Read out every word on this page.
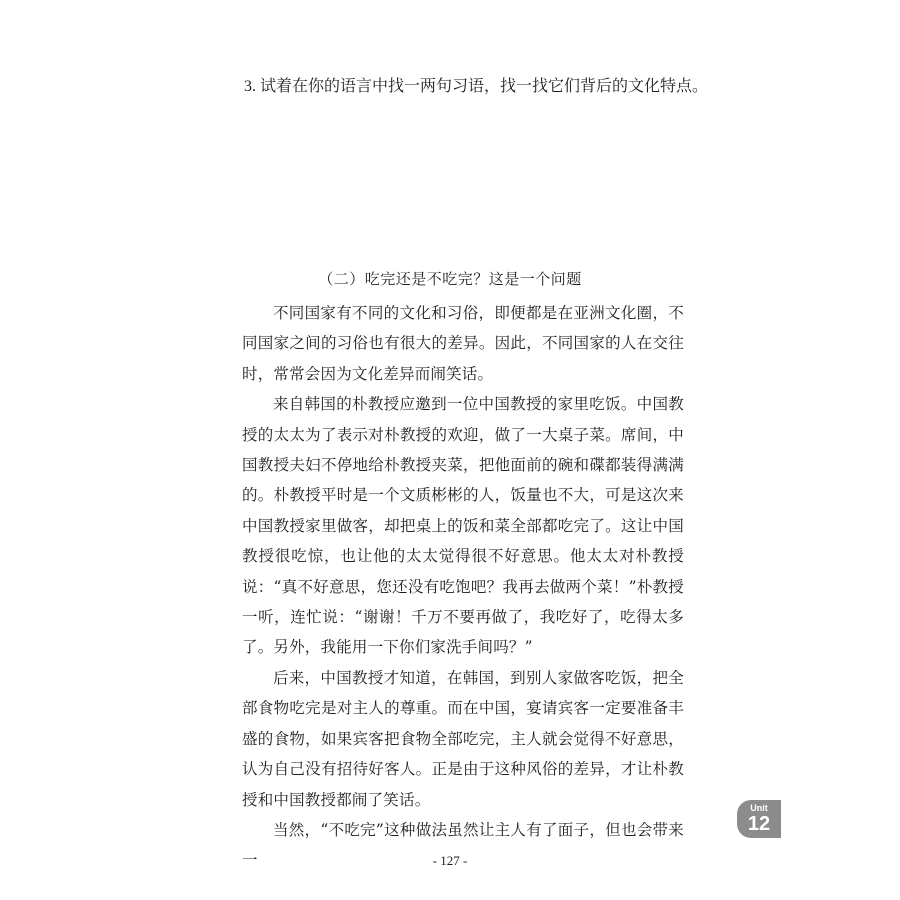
3. 试着在你的语言中找一两句习语，找一找它们背后的文化特点。
（二）吃完还是不吃完？这是一个问题

不同国家有不同的文化和习俗，即便都是在亚洲文化圈，不同国家之间的习俗也有很大的差异。因此，不同国家的人在交往时，常常会因为文化差异而闹笑话。

来自韩国的朴教授应邀到一位中国教授的家里吃饭。中国教授的太太为了表示对朴教授的欢迎，做了一大桌子菜。席间，中国教授夫妇不停地给朴教授夹菜，把他面前的碗和碟都装得满满的。朴教授平时是一个文质彬彬的人，饭量也不大，可是这次来中国教授家里做客，却把桌上的饭和菜全部都吃完了。这让中国教授很吃惊，也让他的太太觉得很不好意思。他太太对朴教授说：“真不好意思，您还没有吃饱吧？我再去做两个菜！”朴教授一听，连忙说：“谢谢！千万不要再做了，我吃好了，吃得太多了。另外，我能用一下你们家洗手间吗？”

后来，中国教授才知道，在韩国，到别人家做客吃饭，把全部食物吃完是对主人的尊重。而在中国，宴请宾客一定要准备丰盛的食物，如果宾客把食物全部吃完，主人就会觉得不好意思，认为自己没有招待好客人。正是由于这种风俗的差异，才让朴教授和中国教授都闹了笑话。

当然，“不吃完”这种做法虽然让主人有了面子，但也会带来一

Unit
12
- 127 -
